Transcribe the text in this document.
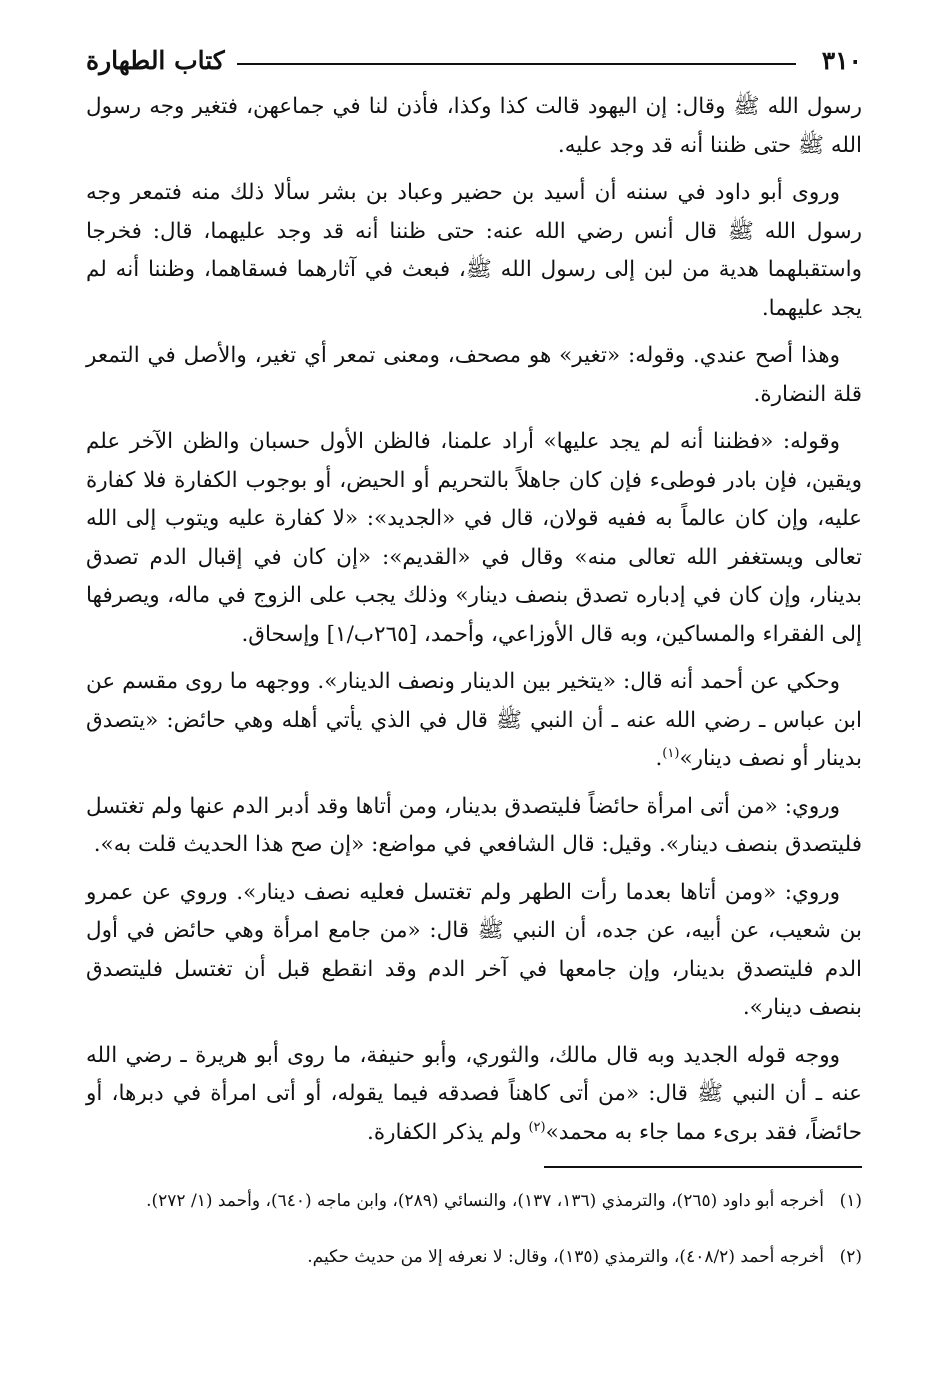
٣١٠
كتاب الطهارة

رسول الله ﷺ وقال: إن اليهود قالت كذا وكذا، فأذن لنا في جماعهن، فتغير وجه رسول الله ﷺ حتى ظننا أنه قد وجد عليه.

وروى أبو داود في سننه أن أسيد بن حضير وعباد بن بشر سألا ذلك منه فتمعر وجه رسول الله ﷺ قال أنس رضي الله عنه: حتى ظننا أنه قد وجد عليهما، قال: فخرجا واستقبلهما هدية من لبن إلى رسول الله ﷺ، فبعث في آثارهما فسقاهما، وظننا أنه لم يجد عليهما.

وهذا أصح عندي. وقوله: «تغير» هو مصحف، ومعنى تمعر أي تغير، والأصل في التمعر قلة النضارة.

وقوله: «فظننا أنه لم يجد عليها» أراد علمنا، فالظن الأول حسبان والظن الآخر علم ويقين، فإن بادر فوطىء فإن كان جاهلاً بالتحريم أو الحيض، أو بوجوب الكفارة فلا كفارة عليه، وإن كان عالماً به ففيه قولان، قال في «الجديد»: «لا كفارة عليه ويتوب إلى الله تعالى ويستغفر الله تعالى منه» وقال في «القديم»: «إن كان في إقبال الدم تصدق بدينار، وإن كان في إدباره تصدق بنصف دينار» وذلك يجب على الزوج في ماله، ويصرفها إلى الفقراء والمساكين، وبه قال الأوزاعي، وأحمد، [٢٦٥ب/١] وإسحاق.

وحكي عن أحمد أنه قال: «يتخير بين الدينار ونصف الدينار». ووجهه ما روى مقسم عن ابن عباس ـ رضي الله عنه ـ أن النبي ﷺ قال في الذي يأتي أهله وهي حائض: «يتصدق بدينار أو نصف دينار»$^{(١)}$.

وروي: «من أتى امرأة حائضاً فليتصدق بدينار، ومن أتاها وقد أدبر الدم عنها ولم تغتسل فليتصدق بنصف دينار». وقيل: قال الشافعي في مواضع: «إن صح هذا الحديث قلت به».

وروي: «ومن أتاها بعدما رأت الطهر ولم تغتسل فعليه نصف دينار». وروي عن عمرو بن شعيب، عن أبيه، عن جده، أن النبي ﷺ قال: «من جامع امرأة وهي حائض في أول الدم فليتصدق بدينار، وإن جامعها في آخر الدم وقد انقطع قبل أن تغتسل فليتصدق بنصف دينار».

ووجه قوله الجديد وبه قال مالك، والثوري، وأبو حنيفة، ما روى أبو هريرة ـ رضي الله عنه ـ أن النبي ﷺ قال: «من أتى كاهناً فصدقه فيما يقوله، أو أتى امرأة في دبرها، أو حائضاً، فقد برىء مما جاء به محمد»$^{(٢)}$ ولم يذكر الكفارة.

(١)
أخرجه أبو داود (٢٦٥)، والترمذي (١٣٦، ١٣٧)، والنسائي (٢٨٩)، وابن ماجه (٦٤٠)، وأحمد (١/ ٢٧٢).
(٢)
أخرجه أحمد (٤٠٨/٢)، والترمذي (١٣٥)، وقال: لا نعرفه إلا من حديث حكيم.
